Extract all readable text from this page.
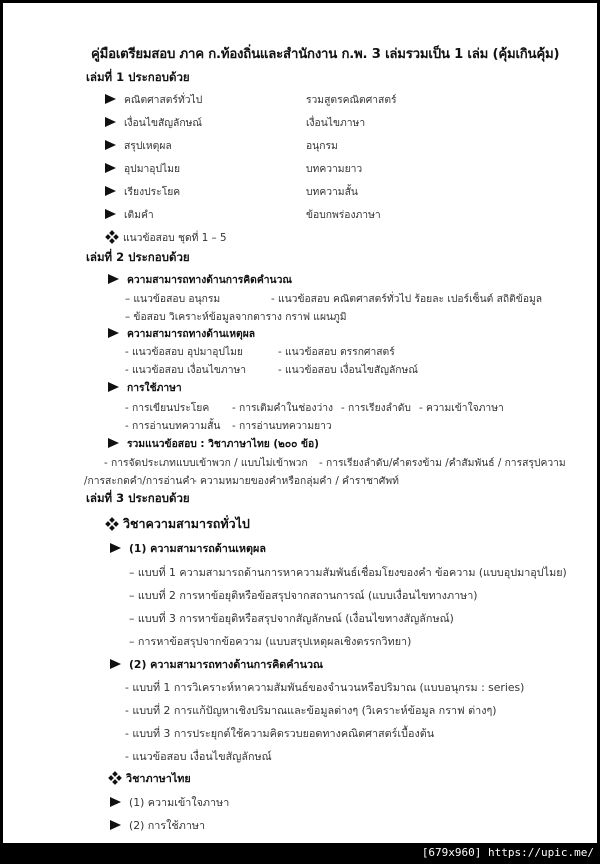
คู่มือเตรียมสอบ ภาค ก.ท้องถิ่นและสำนักงาน ก.พ. 3 เล่มรวมเป็น 1 เล่ม (คุ้มเกินคุ้ม)
เล่มที่ 1 ประกอบด้วย
คณิตศาสตร์ทั่วไป	รวมสูตรคณิตศาสตร์
เงื่อนไขสัญลักษณ์	เงื่อนไขภาษา
สรุปเหตุผล	อนุกรม
อุปมาอุปไมย	บทความยาว
เรียงประโยค	บทความสั้น
เติมคำ	ข้อบกพร่องภาษา
แนวข้อสอบ ชุดที่ 1 – 5
เล่มที่ 2 ประกอบด้วย
ความสามารถทางด้านการคิดคำนวณ
– แนวข้อสอบ อนุกรม	- แนวข้อสอบ คณิตศาสตร์ทั่วไป ร้อยละ เปอร์เซ็นต์ สถิติข้อมูล
– ข้อสอบ วิเคราะห์ข้อมูลจากตาราง กราฟ แผนภูมิ
ความสามารถทางด้านเหตุผล
- แนวข้อสอบ อุปมาอุปไมย	- แนวข้อสอบ ตรรกศาสตร์
- แนวข้อสอบ เงื่อนไขภาษา	- แนวข้อสอบ เงื่อนไขสัญลักษณ์
การใช้ภาษา
- การเขียนประโยค - การเติมคำในช่องว่าง - การเรียงลำดับ - ความเข้าใจภาษา
- การอ่านบทความสั้น - การอ่านบทความยาว
รวมแนวข้อสอบ : วิชาภาษาไทย (๒๐๐ ข้อ)
- การจัดประเภทแบบเข้าพวก / แบบไม่เข้าพวก - การเรียงลำดับ/คำตรงข้าม /คำสัมพันธ์ / การสรุปความ
/การสะกดคำ/การอ่านคำ
- ความหมายของคำหรือกลุ่มคำ / คำราชาศัพท์
เล่มที่ 3 ประกอบด้วย
วิชาความสามารถทั่วไป
(1) ความสามารถด้านเหตุผล
– แบบที่ 1 ความสามารถด้านการหาความสัมพันธ์เชื่อมโยงของคำ ข้อความ (แบบอุปมาอุปไมย)
– แบบที่ 2 การหาข้อยุติหรือข้อสรุปจากสถานการณ์ (แบบเงื่อนไขทางภาษา)
– แบบที่ 3 การหาข้อยุติหรือสรุปจากสัญลักษณ์ (เงื่อนไขทางสัญลักษณ์)
– การหาข้อสรุปจากข้อความ (แบบสรุปเหตุผลเชิงตรรกวิทยา)
(2) ความสามารถทางด้านการคิดคำนวณ
- แบบที่ 1 การวิเคราะห์หาความสัมพันธ์ของจำนวนหรือปริมาณ (แบบอนุกรม : series)
- แบบที่ 2 การแก้ปัญหาเชิงปริมาณและข้อมูลต่างๆ (วิเคราะห์ข้อมูล กราฟ ต่างๆ)
- แบบที่ 3 การประยุกต์ใช้ความคิดรวบยอดทางคณิตศาสตร์เบื้องต้น
- แนวข้อสอบ เงื่อนไขสัญลักษณ์
วิชาภาษาไทย
(1) ความเข้าใจภาษา
(2) การใช้ภาษา
[679x960] https://upic.me/
